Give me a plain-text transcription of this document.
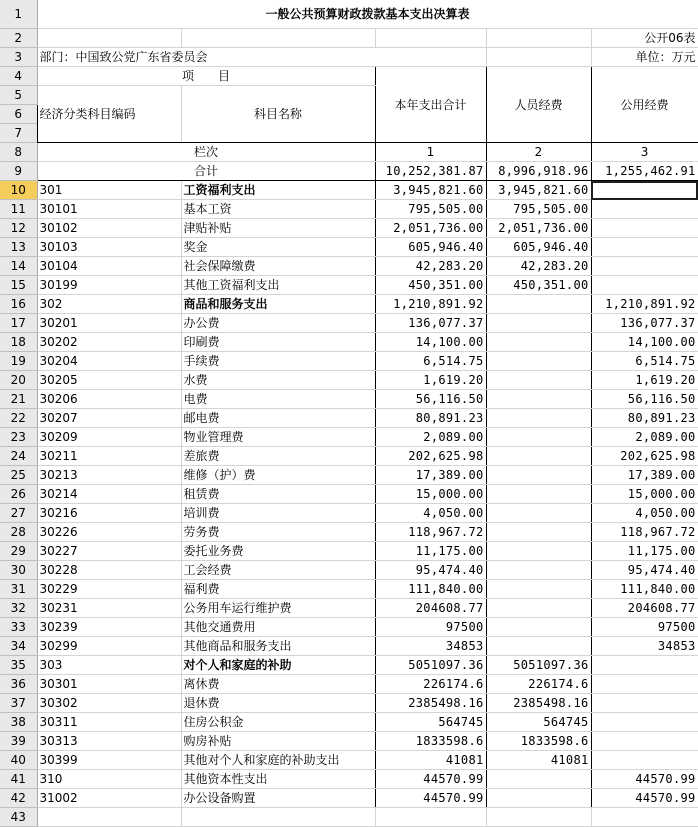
1	一般公共预算财政拨款基本支出决算表				
2					公开06表
3	部门：中国致公党广东省委员会				单位：万元
4	项　　目		本年支出合计	人员经费	公用经费
5	经济分类科目编码	科目名称			
6					
7					
8	栏次		1	2	3
9	合计		10,252,381.87	8,996,918.96	1,255,462.91
10	301	工资福利支出	3,945,821.60	3,945,821.60	
11	30101	基本工资	795,505.00	795,505.00	
12	30102	津贴补贴	2,051,736.00	2,051,736.00	
13	30103	奖金	605,946.40	605,946.40	
14	30104	社会保障缴费	42,283.20	42,283.20	
15	30199	其他工资福利支出	450,351.00	450,351.00	
16	302	商品和服务支出	1,210,891.92		1,210,891.92
17	30201	办公费	136,077.37		136,077.37
18	30202	印刷费	14,100.00		14,100.00
19	30204	手续费	6,514.75		6,514.75
20	30205	水费	1,619.20		1,619.20
21	30206	电费	56,116.50		56,116.50
22	30207	邮电费	80,891.23		80,891.23
23	30209	物业管理费	2,089.00		2,089.00
24	30211	差旅费	202,625.98		202,625.98
25	30213	维修（护）费	17,389.00		17,389.00
26	30214	租赁费	15,000.00		15,000.00
27	30216	培训费	4,050.00		4,050.00
28	30226	劳务费	118,967.72		118,967.72
29	30227	委托业务费	11,175.00		11,175.00
30	30228	工会经费	95,474.40		95,474.40
31	30229	福利费	111,840.00		111,840.00
32	30231	公务用车运行维护费	204608.77		204608.77
33	30239	其他交通费用	97500		97500
34	30299	其他商品和服务支出	34853		34853
35	303	对个人和家庭的补助	5051097.36	5051097.36	
36	30301	离休费	226174.6	226174.6	
37	30302	退休费	2385498.16	2385498.16	
38	30311	住房公积金	564745	564745	
39	30313	购房补贴	1833598.6	1833598.6	
40	30399	其他对个人和家庭的补助支出	41081	41081	
41	310	其他资本性支出	44570.99		44570.99
42	31002	办公设备购置	44570.99		44570.99
43					
